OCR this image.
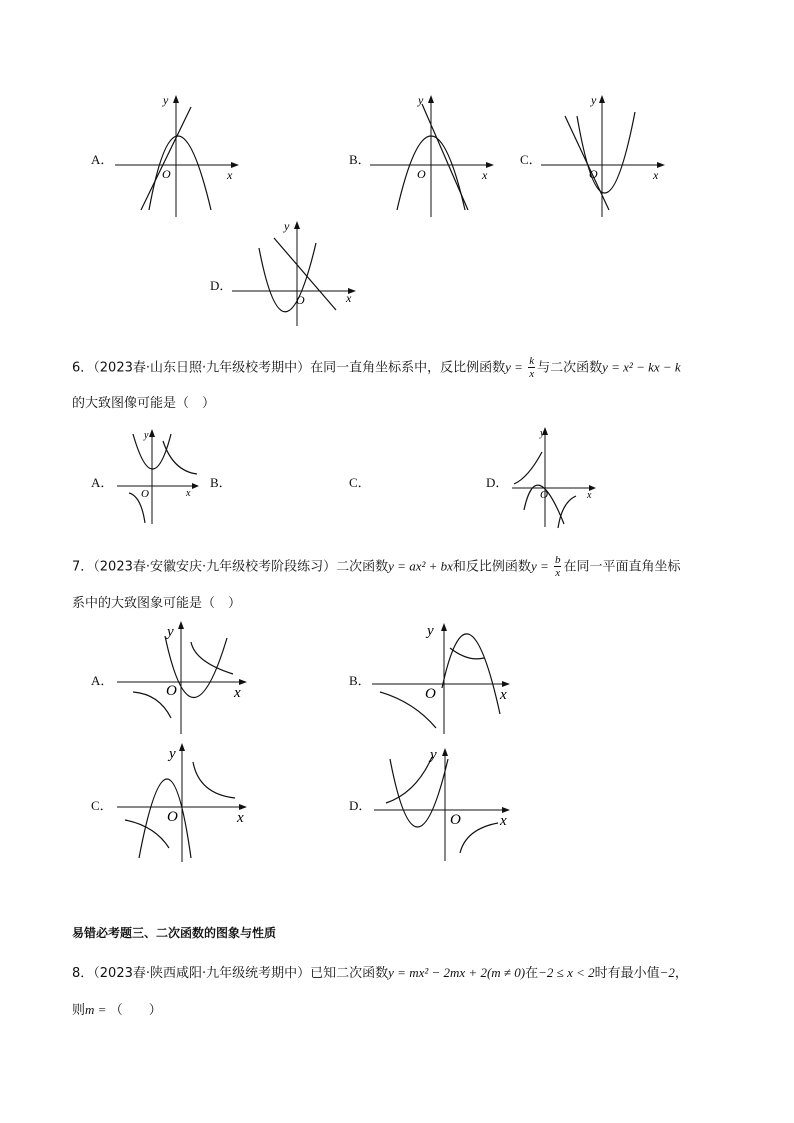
A．
y
O	x
B．
y
O	x
C．
y
O	x
D．
y
O	x
6．（2023春·山东日照·九年级校考期中）在同一直角坐标系中，反比例函数$y = \frac{k}{x}$ 与二次函数y = x² − kx − k
的大致图像可能是（　）
A．
y
O	x
B．	C．	D．
y
O	x
7．（2023春·安徽安庆·九年级校考阶段练习）二次函数y = ax² + bx和反比例函数$y = \frac{b}{x}$ 在同一平面直角坐标
系中的大致图象可能是（　）
A．
y
O	x
B．
y
O	x
C．
y
O	x
D．
y
O	x
易错必考题三、二次函数的图象与性质
8．（2023春·陕西咸阳·九年级统考期中）已知二次函数y = mx² − 2mx + 2(m ≠ 0)在−2 ≤ x < 2时有最小值−2，
则m = （　　）
